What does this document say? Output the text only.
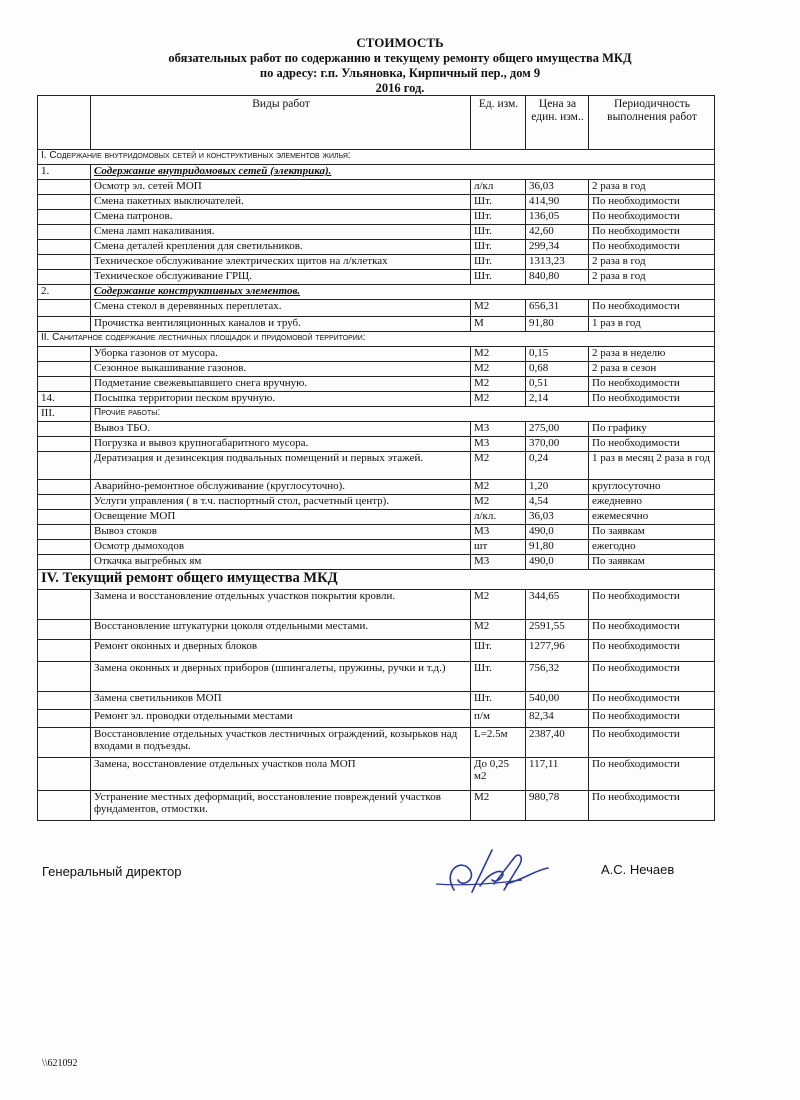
СТОИМОСТЬ
обязательных работ по содержанию и текущему ремонту общего имущества МКД
по адресу: г.п. Ульяновка, Кирпичный пер., дом 9
2016 год.
	Виды работ	Ед. изм.	Цена за един. изм..	Периодичность выполнения работ
I. Содержание внутридомовых сетей и конструктивных элементов жилья:				
1.	Содержание внутридомовых сетей (электрика).			
	Осмотр эл. сетей МОП	л/кл	36,03	2 раза в год
	Смена пакетных выключателей.	Шт.	414,90	По необходимости
	Смена патронов.	Шт.	136,05	По необходимости
	Смена ламп накаливания.	Шт.	42,60	По необходимости
	Смена деталей крепления для светильников.	Шт.	299,34	По необходимости
	Техническое обслуживание электрических щитов на л/клетках	Шт.	1313,23	2 раза в год
	Техническое обслуживание ГРЩ.	Шт.	840,80	2 раза в год
2.	Содержание конструктивных элементов.			
	Смена стекол в деревянных переплетах.	М2	656,31	По необходимости
	Прочистка вентиляционных каналов и труб.	М	91,80	1 раз в год
II. Санитарное содержание лестничных площадок и придомовой территории:				
	Уборка газонов от мусора.	М2	0,15	2 раза в неделю
	Сезонное выкашивание газонов.	М2	0,68	2 раза в сезон
	Подметание свежевыпавшего снега вручную.	М2	0,51	По необходимости
14.	Посыпка территории песком вручную.	М2	2,14	По необходимости
III.	Прочие работы:			
	Вывоз ТБО.	М3	275,00	По графику
	Погрузка и вывоз крупногабаритного мусора.	М3	370,00	По необходимости
	Дератизация и дезинсекция подвальных помещений и первых этажей.	М2	0,24	1 раз в месяц 2 раза в год
	Аварийно-ремонтное обслуживание (круглосуточно).	М2	1,20	круглосуточно
	Услуги управления ( в т.ч. паспортный стол, расчетный центр).	М2	4,54	ежедневно
	Освещение МОП	л/кл.	36,03	ежемесячно
	Вывоз стоков	М3	490,0	По заявкам
	Осмотр дымоходов	шт	91,80	ежегодно
	Откачка выгребных ям	М3	490,0	По заявкам
IV. Текущий ремонт общего имущества МКД				
	Замена и восстановление отдельных участков покрытия кровли.	М2	344,65	По необходимости
	Восстановление штукатурки цоколя отдельными местами.	М2	2591,55	По необходимости
	Ремонт оконных и дверных блоков	Шт.	1277,96	По необходимости
	Замена оконных и дверных приборов (шпингалеты, пружины, ручки и т.д.)	Шт.	756,32	По необходимости
	Замена светильников МОП	Шт.	540,00	По необходимости
	Ремонт эл. проводки отдельными местами	п/м	82,34	По необходимости
	Восстановление отдельных участков лестничных ограждений, козырьков над входами в подъезды.	L=2.5м	2387,40	По необходимости
	Замена, восстановление отдельных участков пола МОП	До 0,25 м2	117,11	По необходимости
	Устранение местных деформаций, восстановление повреждений участков фундаментов, отмостки.	М2	980,78	По необходимости
Генеральный директор	А.С. Нечаев
\\621092
